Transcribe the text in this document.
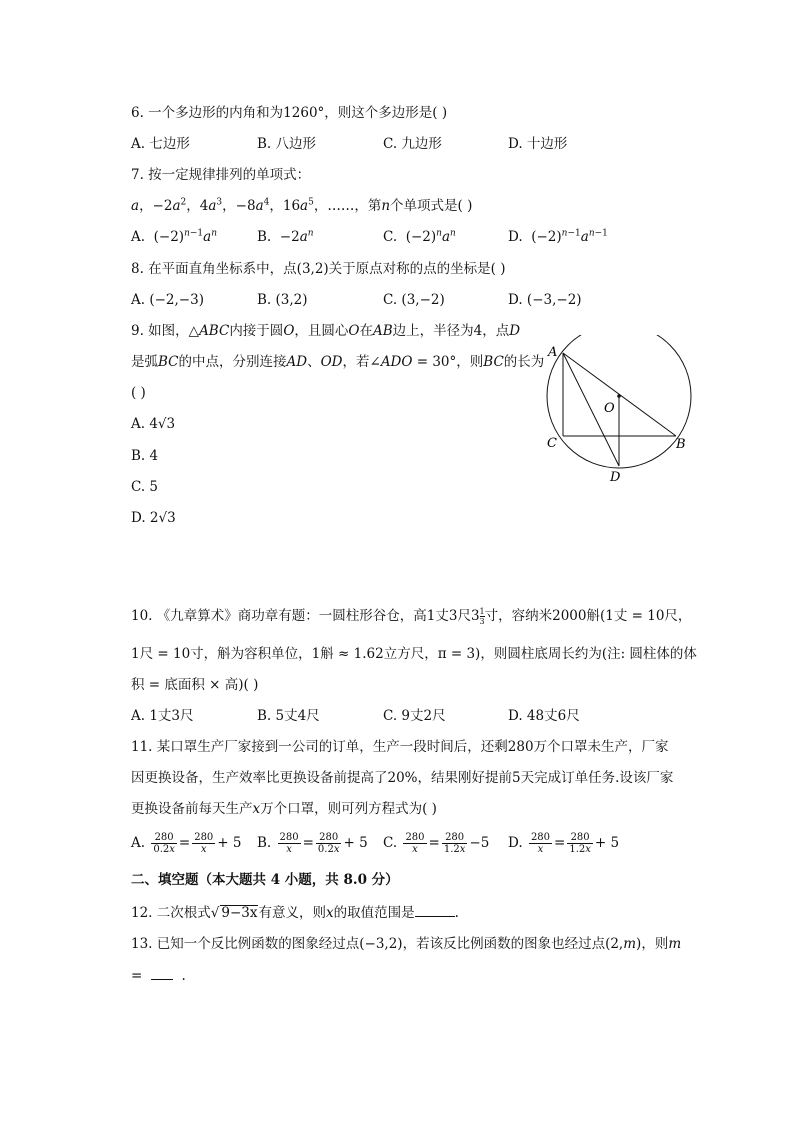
6. 一个多边形的内角和为1260°，则这个多边形是( )
A. 七边形	B. 八边形	C. 九边形	D. 十边形
7. 按一定规律排列的单项式：
a，$-2a^2$，$4a^3$，$-8a^4$，$16a^5$，……，第n个单项式是( )
A.  $(-2)^{n-1}a^n$	B.  $-2a^n$	C.  $(-2)^na^n$	D.  $(-2)^{n-1}a^{n-1}$
8. 在平面直角坐标系中，点(3,2)关于原点对称的点的坐标是( )
A. (−2,−3)	B. (3,2)	C. (3,−2)	D. (−3,−2)
9. 如图，△ABC内接于圆O，且圆心O在AB边上，半径为4，点D
是弧BC的中点，分别连接AD、OD，若∠ADO = 30°，则BC的长为
( )
A. 4√3
B. 4
C. 5
D. 2√3
A
O
C	B
D
10. 《九章算术》商功章有题：一圆柱形谷仓，高1丈3尺$3 \frac{1}{3}$ 寸，容纳米2000斛(1丈 = 10尺，
1尺 = 10寸，斛为容积单位，1斛 ≈ 1.62立方尺，π = 3)，则圆柱底周长约为(注: 圆柱体的体
积 = 底面积 × 高)( )
A. 1丈3尺	B. 5丈4尺	C. 9丈2尺	D. 48丈6尺
11. 某口罩生产厂家接到一公司的订单，生产一段时间后，还剩280万个口罩未生产，厂家
因更换设备，生产效率比更换设备前提高了20%，结果刚好提前5天完成订单任务.设该厂家
更换设备前每天生产x万个口罩，则可列方程式为( )
A. $\frac{280}{0.2x} = \frac{280}{x} + 5$ B. $\frac{280}{x} = \frac{280}{0.2x} + 5$ C. $\frac{280}{x} = \frac{280}{1.2x} -5$ D. $\frac{280}{x} = \frac{280}{1.2x} + 5$
二、填空题（本大题共 4 小题，共 8.0 分）
12. 二次根式√ 9−3x有意义，则x的取值范围是	.
13. 已知一个反比例函数的图象经过点(−3,2)，若该反比例函数的图象也经过点(2,m)，则m
=	.
